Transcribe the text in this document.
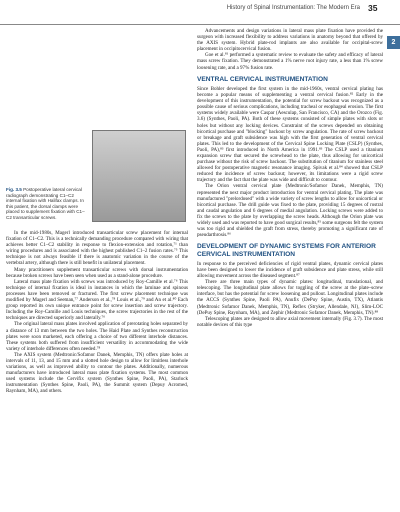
History of Spinal Instrumentation: The Modern Era 35
2
Fig. 3.5 Postoperative lateral cervical radiograph demonstrating C1–C2 internal fixation with Halifax clamps. In this patient, the dorsal clamps were placed to supplement fixation with C1–C2 transarticular screws.

In the mid-1980s, Magerl introduced transarticular screw placement for internal fixation of C1–C2. This is a technically demanding procedure compared with wiring that achieves better C1–C2 stability in response to flexion-extension and rotation,⁷¹ than wiring procedures and is associated with the highest published C1–2 fusion rates.⁷⁵ This technique is not always feasible if there is anatomic variation in the course of the vertebral artery, although there is still benefit in unilateral placement.

Many practitioners supplement transarticular screws with dorsal instrumentation because broken screws have been seen when used as a stand-alone procedure.

Lateral mass plate fixation with screws was introduced by Roy-Camille et al.⁷⁶ This technique of internal fixation is ideal in instances in which the laminae and spinous processes have been removed or fractured. The first screw placement technique was modified by Magerl and Seeman,⁷⁷ Anderson et al.,⁷⁸ Louis et al.,⁷⁹ and An et al.⁸⁰ Each group reported its own unique entrance point for screw insertion and screw trajectory. Including the Roy-Camille and Louis techniques, the screw trajectories in the rest of the techniques are directed superiorly and laterally.⁷⁶

The original lateral mass plates involved application of prerotating holes separated by a distance of 13 mm between the two holes. The Haid Plate and Synthes reconstruction plates were soon marketed, each offering a choice of two different interhole distances. These systems both suffered from insufficient versatility in accommodating the wide variety of interhole differences often needed.⁷⁸

The AXIS system (Medtronic/Sofamor Danek, Memphis, TN) offers plate holes at intervals of 11, 13, and 15 mm and a slotted hole design to allow for limitless interhole variations, as well as improved ability to contour the plates. Additionally, numerous manufacturers have introduced lateral mass plate fixation systems. The most common used systems include the Cervifix system (Synthes Spine, Paoli, PA), Starlock instrumentation (Synthes Spine, Paoli, PA), the Summit system (Depuy Acromed, Raynham, MA), and others.

Advancements and design variations in lateral mass plate fixation have provided the surgeon with increased flexibility to address variations in anatomy beyond that offered by the AXIS system. Hybrid plate-rod implants are also available for occipital-screw placement in occipitocervical fusion.

Goe et al.⁸¹ performed a systematic review to evaluate the safety and efficacy of lateral mass screw fixation. They demonstrated a 1% nerve root injury rate, a less than 1% screw loosening rate, and a 97% fusion rate.

VENTRAL CERVICAL INSTRUMENTATION

Since Bohler developed the first system in the mid-1960s, ventral cervical plating has become a popular means of supplementing a ventral cervical fusion.⁸² Early in the development of this instrumentation, the potential for screw backout was recognized as a possible cause of serious complications, including tracheal or esophageal erosion. The first systems widely available were Caspar (Aesculap, San Francisco, CA) and the Orozco (Fig. 3.6) (Synthes, Paoli, PA). Both of these systems consisted of simple plates with slots or holes but without any locking devices. Constraint of the screws depended on obtaining bicortical purchase and "blocking" backout by screw angulation. The rate of screw backout or breakage and graft subsidence was high with the first generation of ventral cervical plates. This led to the development of the Cervical Spine Locking Plate (CSLP) (Synthes, Paoli, PA),⁸³ first introduced in North America in 1991.⁸³ The CSLP used a titanium expansion screw that secured the screwhead to the plate, thus allowing for unicortical purchase without the risk of screw backout. The substitution of titanium for stainless steel allowed for postoperative magnetic resonance imaging. Spivak et al.⁸⁴ showed that CSLP reduced the incidence of screw backout; however, its limitations were a rigid screw trajectory and the fact that the plate was wide and difficult to contour.

The Orion ventral cervical plate (Medtronic/Sofamor Danek, Memphis, TN) represented the next major product introduction for ventral cervical plating. The plate was manufactured "prelordosed" with a wide variety of screw lengths to allow for unicortical or bicortical purchase. The drill guide was fixed to the plate, providing 15 degrees of rostral and caudal angulation and 6 degrees of medial angulation. Locking screws were added to fix the screws to the plate by overlapping the screw heads. Although the Orion plate was widely used and was reported to have good surgical results,⁸⁵ some surgeons felt the system was too rigid and shielded the graft from stress, thereby promoting a significant rate of pseudarthrosis.⁸⁶

DEVELOPMENT OF DYNAMIC SYSTEMS FOR ANTERIOR CERVICAL INSTRUMENTATION

In response to the perceived deficiencies of rigid ventral plates, dynamic cervical plates have been designed to lower the incidence of graft subsidence and plate stress, while still allowing movement across the diseased segment.⁸⁷

There are three main types of dynamic plates: longitudinal, translational, and telescoping. The longitudinal plate allows for toggling of the screw at the plate–screw interface, but has the potential for screw loosening and pullout. Longitudinal plates include the ACCS (Synthes Spine, Paoli PA), Anufix (DePuy Spine, Austin, TX), Atlantis (Medtronic Sofamor Danek, Memphis, TN), Reflex (Stryker, Allendale, NJ), Slim-LOC (DePuy Spine, Raynham, MA), and Zephir (Medtronic Sofamor Danek, Memphis, TN).⁸⁸

Telescoping plates are designed to allow axial movement internally (Fig. 3.7). The most notable devices of this type
